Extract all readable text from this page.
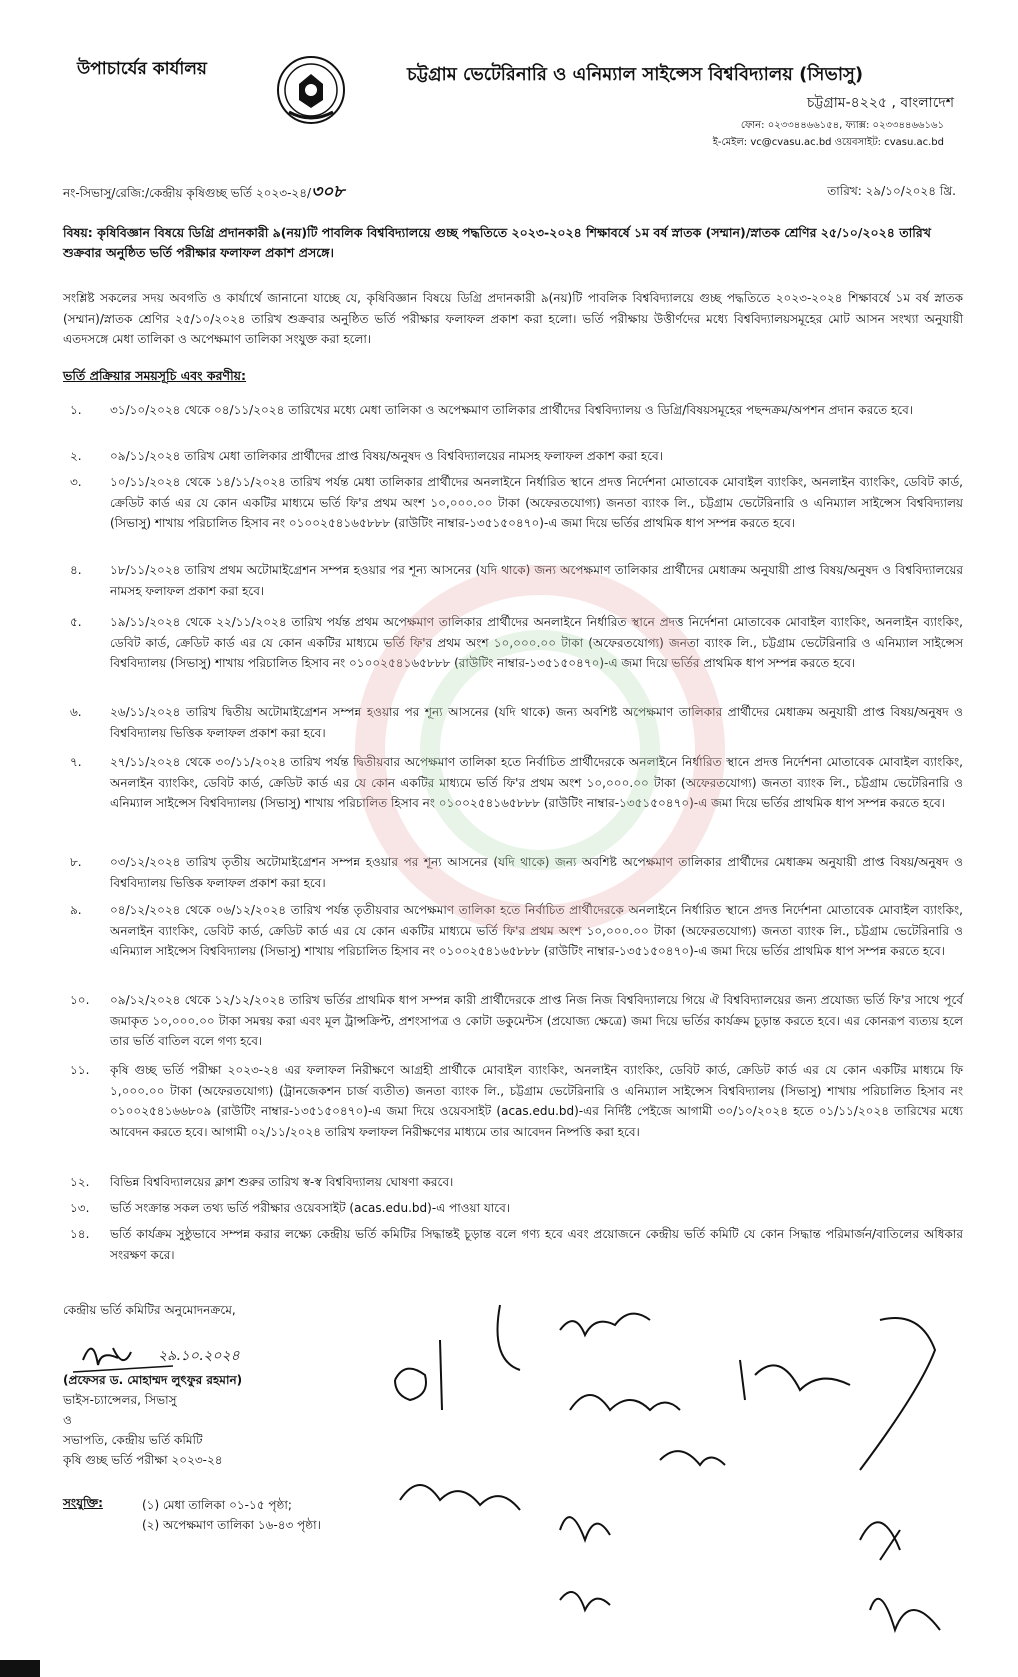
উপাচার্যের কার্যালয়	চট্টগ্রাম ভেটেরিনারি ও এনিম্যাল সাইন্সেস বিশ্ববিদ্যালয় (সিভাসু)
চট্টগ্রাম-৪২২৫ , বাংলাদেশ
ফোন: ০২৩৩৪৪৬৬১৫৪, ফ্যাক্স: ০২৩৩৪৪৬৬১৬১
ই-মেইল: vc@cvasu.ac.bd ওয়েবসাইট: cvasu.ac.bd
নং-সিভাসু/রেজি:/কেন্দ্রীয় কৃষিগুচ্ছ ভর্তি ২০২৩-২৪/৩০৮	তারিখ: ২৯/১০/২০২৪ খ্রি.
বিষয়: কৃষিবিজ্ঞান বিষয়ে ডিগ্রি প্রদানকারী ৯(নয়)টি পাবলিক বিশ্ববিদ্যালয়ে গুচ্ছ পদ্ধতিতে ২০২৩-২০২৪ শিক্ষাবর্ষে ১ম বর্ষ স্নাতক (সম্মান)/স্নাতক শ্রেণির ২৫/১০/২০২৪ তারিখ শুক্রবার অনুষ্ঠিত ভর্তি পরীক্ষার ফলাফল প্রকাশ প্রসঙ্গে।
সংশ্লিষ্ট সকলের সদয় অবগতি ও কার্যার্থে জানানো যাচ্ছে যে, কৃষিবিজ্ঞান বিষয়ে ডিগ্রি প্রদানকারী ৯(নয়)টি পাবলিক বিশ্ববিদ্যালয়ে গুচ্ছ পদ্ধতিতে ২০২৩-২০২৪ শিক্ষাবর্ষে ১ম বর্ষ স্নাতক (সম্মান)/স্নাতক শ্রেণির ২৫/১০/২০২৪ তারিখ শুক্রবার অনুষ্ঠিত ভর্তি পরীক্ষার ফলাফল প্রকাশ করা হলো। ভর্তি পরীক্ষায় উত্তীর্ণদের মধ্যে বিশ্ববিদ্যালয়সমূহের মোট আসন সংখ্যা অনুযায়ী এতদসঙ্গে মেধা তালিকা ও অপেক্ষমাণ তালিকা সংযুক্ত করা হলো।
ভর্তি প্রক্রিয়ার সময়সূচি এবং করণীয়:
১.	৩১/১০/২০২৪ থেকে ০৪/১১/২০২৪ তারিখের মধ্যে মেধা তালিকা ও অপেক্ষমাণ তালিকার প্রার্থীদের বিশ্ববিদ্যালয় ও ডিগ্রি/বিষয়সমূহের পছন্দক্রম/অপশন প্রদান করতে হবে।
২.	০৯/১১/২০২৪ তারিখ মেধা তালিকার প্রার্থীদের প্রাপ্ত বিষয়/অনুষদ ও বিশ্ববিদ্যালয়ের নামসহ ফলাফল প্রকাশ করা হবে।
৩.	১০/১১/২০২৪ থেকে ১৪/১১/২০২৪ তারিখ পর্যন্ত মেধা তালিকার প্রার্থীদের অনলাইনে নির্ধারিত স্থানে প্রদত্ত নির্দেশনা মোতাবেক মোবাইল ব্যাংকিং, অনলাইন ব্যাংকিং, ডেবিট কার্ড, ক্রেডিট কার্ড এর যে কোন একটির মাধ্যমে ভর্তি ফি'র প্রথম অংশ ১০,০০০.০০ টাকা (অফেরতযোগ্য) জনতা ব্যাংক লি., চট্টগ্রাম ভেটেরিনারি ও এনিম্যাল সাইন্সেস বিশ্ববিদ্যালয় (সিভাসু) শাখায় পরিচালিত হিসাব নং ০১০০২৫৪১৬৫৮৮৮ (রাউটিং নাম্বার-১৩৫১৫০৪৭০)-এ জমা দিয়ে ভর্তির প্রাথমিক ধাপ সম্পন্ন করতে হবে।
৪.	১৮/১১/২০২৪ তারিখ প্রথম অটোমাইগ্রেশন সম্পন্ন হওয়ার পর শূন্য আসনের (যদি থাকে) জন্য অপেক্ষমাণ তালিকার প্রার্থীদের মেধাক্রম অনুযায়ী প্রাপ্ত বিষয়/অনুষদ ও বিশ্ববিদ্যালয়ের নামসহ ফলাফল প্রকাশ করা হবে।
৫.	১৯/১১/২০২৪ থেকে ২২/১১/২০২৪ তারিখ পর্যন্ত প্রথম অপেক্ষমাণ তালিকার প্রার্থীদের অনলাইনে নির্ধারিত স্থানে প্রদত্ত নির্দেশনা মোতাবেক মোবাইল ব্যাংকিং, অনলাইন ব্যাংকিং, ডেবিট কার্ড, ক্রেডিট কার্ড এর যে কোন একটির মাধ্যমে ভর্তি ফি'র প্রথম অংশ ১০,০০০.০০ টাকা (অফেরতযোগ্য) জনতা ব্যাংক লি., চট্টগ্রাম ভেটেরিনারি ও এনিম্যাল সাইন্সেস বিশ্ববিদ্যালয় (সিভাসু) শাখায় পরিচালিত হিসাব নং ০১০০২৫৪১৬৫৮৮৮ (রাউটিং নাম্বার-১৩৫১৫০৪৭০)-এ জমা দিয়ে ভর্তির প্রাথমিক ধাপ সম্পন্ন করতে হবে।
৬.	২৬/১১/২০২৪ তারিখ দ্বিতীয় অটোমাইগ্রেশন সম্পন্ন হওয়ার পর শূন্য আসনের (যদি থাকে) জন্য অবশিষ্ট অপেক্ষমাণ তালিকার প্রার্থীদের মেধাক্রম অনুযায়ী প্রাপ্ত বিষয়/অনুষদ ও বিশ্ববিদ্যালয় ভিত্তিক ফলাফল প্রকাশ করা হবে।
৭.	২৭/১১/২০২৪ থেকে ৩০/১১/২০২৪ তারিখ পর্যন্ত দ্বিতীয়বার অপেক্ষমাণ তালিকা হতে নির্বাচিত প্রার্থীদেরকে অনলাইনে নির্ধারিত স্থানে প্রদত্ত নির্দেশনা মোতাবেক মোবাইল ব্যাংকিং, অনলাইন ব্যাংকিং, ডেবিট কার্ড, ক্রেডিট কার্ড এর যে কোন একটির মাধ্যমে ভর্তি ফি'র প্রথম অংশ ১০,০০০.০০ টাকা (অফেরতযোগ্য) জনতা ব্যাংক লি., চট্টগ্রাম ভেটেরিনারি ও এনিম্যাল সাইন্সেস বিশ্ববিদ্যালয় (সিভাসু) শাখায় পরিচালিত হিসাব নং ০১০০২৫৪১৬৫৮৮৮ (রাউটিং নাম্বার-১৩৫১৫০৪৭০)-এ জমা দিয়ে ভর্তির প্রাথমিক ধাপ সম্পন্ন করতে হবে।
৮.	০৩/১২/২০২৪ তারিখ তৃতীয় অটোমাইগ্রেশন সম্পন্ন হওয়ার পর শূন্য আসনের (যদি থাকে) জন্য অবশিষ্ট অপেক্ষমাণ তালিকার প্রার্থীদের মেধাক্রম অনুযায়ী প্রাপ্ত বিষয়/অনুষদ ও বিশ্ববিদ্যালয় ভিত্তিক ফলাফল প্রকাশ করা হবে।
৯.	০৪/১২/২০২৪ থেকে ০৬/১২/২০২৪ তারিখ পর্যন্ত তৃতীয়বার অপেক্ষমাণ তালিকা হতে নির্বাচিত প্রার্থীদেরকে অনলাইনে নির্ধারিত স্থানে প্রদত্ত নির্দেশনা মোতাবেক মোবাইল ব্যাংকিং, অনলাইন ব্যাংকিং, ডেবিট কার্ড, ক্রেডিট কার্ড এর যে কোন একটির মাধ্যমে ভর্তি ফি'র প্রথম অংশ ১০,০০০.০০ টাকা (অফেরতযোগ্য) জনতা ব্যাংক লি., চট্টগ্রাম ভেটেরিনারি ও এনিম্যাল সাইন্সেস বিশ্ববিদ্যালয় (সিভাসু) শাখায় পরিচালিত হিসাব নং ০১০০২৫৪১৬৫৮৮৮ (রাউটিং নাম্বার-১৩৫১৫০৪৭০)-এ জমা দিয়ে ভর্তির প্রাথমিক ধাপ সম্পন্ন করতে হবে।
১০.	০৯/১২/২০২৪ থেকে ১২/১২/২০২৪ তারিখ ভর্তির প্রাথমিক ধাপ সম্পন্ন কারী প্রার্থীদেরকে প্রাপ্ত নিজ নিজ বিশ্ববিদ্যালয়ে গিয়ে ঐ বিশ্ববিদ্যালয়ের জন্য প্রযোজ্য ভর্তি ফি'র সাথে পূর্বে জমাকৃত ১০,০০০.০০ টাকা সমন্বয় করা এবং মূল ট্রান্সক্রিপ্ট, প্রশংসাপত্র ও কোটা ডকুমেন্টস (প্রযোজ্য ক্ষেত্রে) জমা দিয়ে ভর্তির কার্যক্রম চূড়ান্ত করতে হবে। এর কোনরূপ ব্যত্যয় হলে তার ভর্তি বাতিল বলে গণ্য হবে।
১১.	কৃষি গুচ্ছ ভর্তি পরীক্ষা ২০২৩-২৪ এর ফলাফল নিরীক্ষণে আগ্রহী প্রার্থীকে মোবাইল ব্যাংকিং, অনলাইন ব্যাংকিং, ডেবিট কার্ড, ক্রেডিট কার্ড এর যে কোন একটির মাধ্যমে ফি ১,০০০.০০ টাকা (অফেরতযোগ্য) (ট্রানজেকশন চার্জ ব্যতীত) জনতা ব্যাংক লি., চট্টগ্রাম ভেটেরিনারি ও এনিম্যাল সাইন্সেস বিশ্ববিদ্যালয় (সিভাসু) শাখায় পরিচালিত হিসাব নং ০১০০২৫৪১৬৬৮০৯ (রাউটিং নাম্বার-১৩৫১৫০৪৭০)-এ জমা দিয়ে ওয়েবসাইট (acas.edu.bd)-এর নির্দিষ্ট পেইজে আগামী ৩০/১০/২০২৪ হতে ০১/১১/২০২৪ তারিখের মধ্যে আবেদন করতে হবে। আগামী ০২/১১/২০২৪ তারিখ ফলাফল নিরীক্ষণের মাধ্যমে তার আবেদন নিষ্পত্তি করা হবে।
১২.	বিভিন্ন বিশ্ববিদ্যালয়ের ক্লাশ শুরুর তারিখ স্ব-স্ব বিশ্ববিদ্যালয় ঘোষণা করবে।
১৩.	ভর্তি সংক্রান্ত সকল তথ্য ভর্তি পরীক্ষার ওয়েবসাইট (acas.edu.bd)-এ পাওয়া যাবে।
১৪.	ভর্তি কার্যক্রম সুষ্ঠুভাবে সম্পন্ন করার লক্ষ্যে কেন্দ্রীয় ভর্তি কমিটির সিদ্ধান্তই চূড়ান্ত বলে গণ্য হবে এবং প্রয়োজনে কেন্দ্রীয় ভর্তি কমিটি যে কোন সিদ্ধান্ত পরিমার্জন/বাতিলের অধিকার সংরক্ষণ করে।
কেন্দ্রীয় ভর্তি কমিটির অনুমোদনক্রমে,
২৯.১০.২০২৪
(প্রফেসর ড. মোহাম্মদ লুৎফুর রহমান)
ভাইস-চ্যান্সেলর, সিভাসু
ও
সভাপতি, কেন্দ্রীয় ভর্তি কমিটি
কৃষি গুচ্ছ ভর্তি পরীক্ষা ২০২৩-২৪
সংযুক্তি:	(১) মেধা তালিকা ০১-১৫ পৃষ্ঠা;
(২) অপেক্ষমাণ তালিকা ১৬-৪৩ পৃষ্ঠা।
